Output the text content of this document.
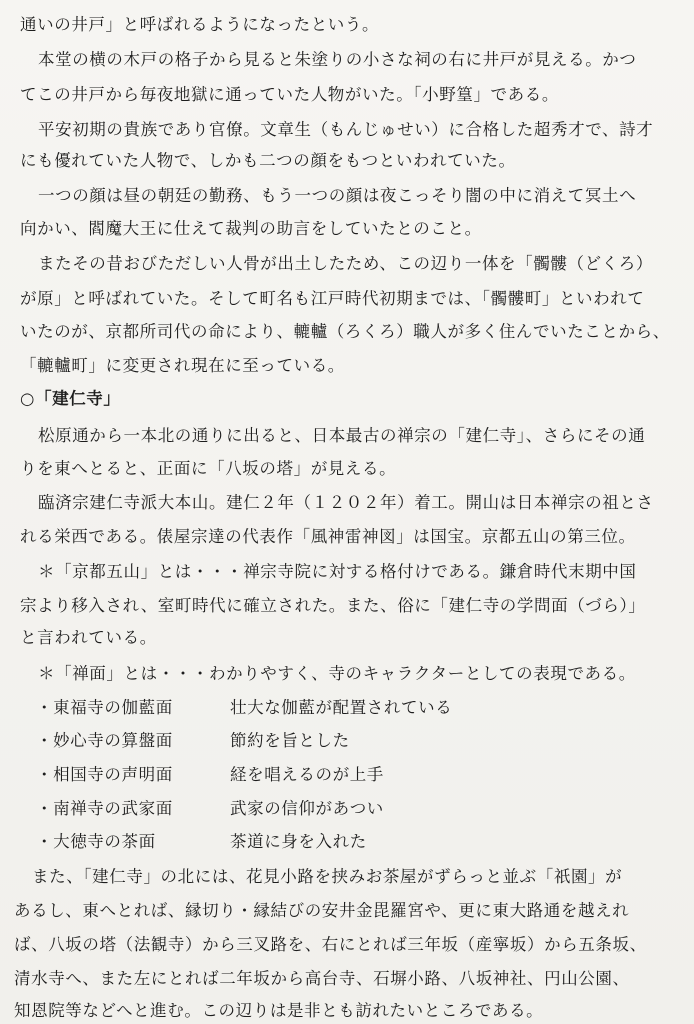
通いの井戸」と呼ばれるようになったという。
本堂の横の木戸の格子から見ると朱塗りの小さな祠の右に井戸が見える。かつ
てこの井戸から毎夜地獄に通っていた人物がいた。「小野篁」である。
平安初期の貴族であり官僚。文章生（もんじゅせい）に合格した超秀才で、詩才
にも優れていた人物で、しかも二つの顔をもつといわれていた。
一つの顔は昼の朝廷の勤務、もう一つの顔は夜こっそり闇の中に消えて冥土へ
向かい、閻魔大王に仕えて裁判の助言をしていたとのこと。
またその昔おびただしい人骨が出土したため、この辺り一体を「髑髏（どくろ）
が原」と呼ばれていた。そして町名も江戸時代初期までは、「髑髏町」といわれて
いたのが、京都所司代の命により、轆轤（ろくろ）職人が多く住んでいたことから、
「轆轤町」に変更され現在に至っている。
○「建仁寺」
松原通から一本北の通りに出ると、日本最古の禅宗の「建仁寺」、さらにその通
りを東へとると、正面に「八坂の塔」が見える。
臨済宗建仁寺派大本山。建仁２年（１２０２年）着工。開山は日本禅宗の祖とさ
れる栄西である。俵屋宗達の代表作「風神雷神図」は国宝。京都五山の第三位。
＊「京都五山」とは・・・禅宗寺院に対する格付けである。鎌倉時代末期中国
宗より移入され、室町時代に確立された。また、俗に「建仁寺の学問面（づら）」
と言われている。
＊「禅面」とは・・・わかりやすく、寺のキャラクターとしての表現である。
・東福寺の伽藍面	壮大な伽藍が配置されている
・妙心寺の算盤面	節約を旨とした
・相国寺の声明面	経を唱えるのが上手
・南禅寺の武家面	武家の信仰があつい
・大徳寺の茶面	茶道に身を入れた
また、「建仁寺」の北には、花見小路を挟みお茶屋がずらっと並ぶ「祇園」が
あるし、東へとれば、縁切り・縁結びの安井金毘羅宮や、更に東大路通を越えれ
ば、八坂の塔（法観寺）から三叉路を、右にとれば三年坂（産寧坂）から五条坂、
清水寺へ、また左にとれば二年坂から高台寺、石塀小路、八坂神社、円山公園、
知恩院等などへと進む。この辺りは是非とも訪れたいところである。
